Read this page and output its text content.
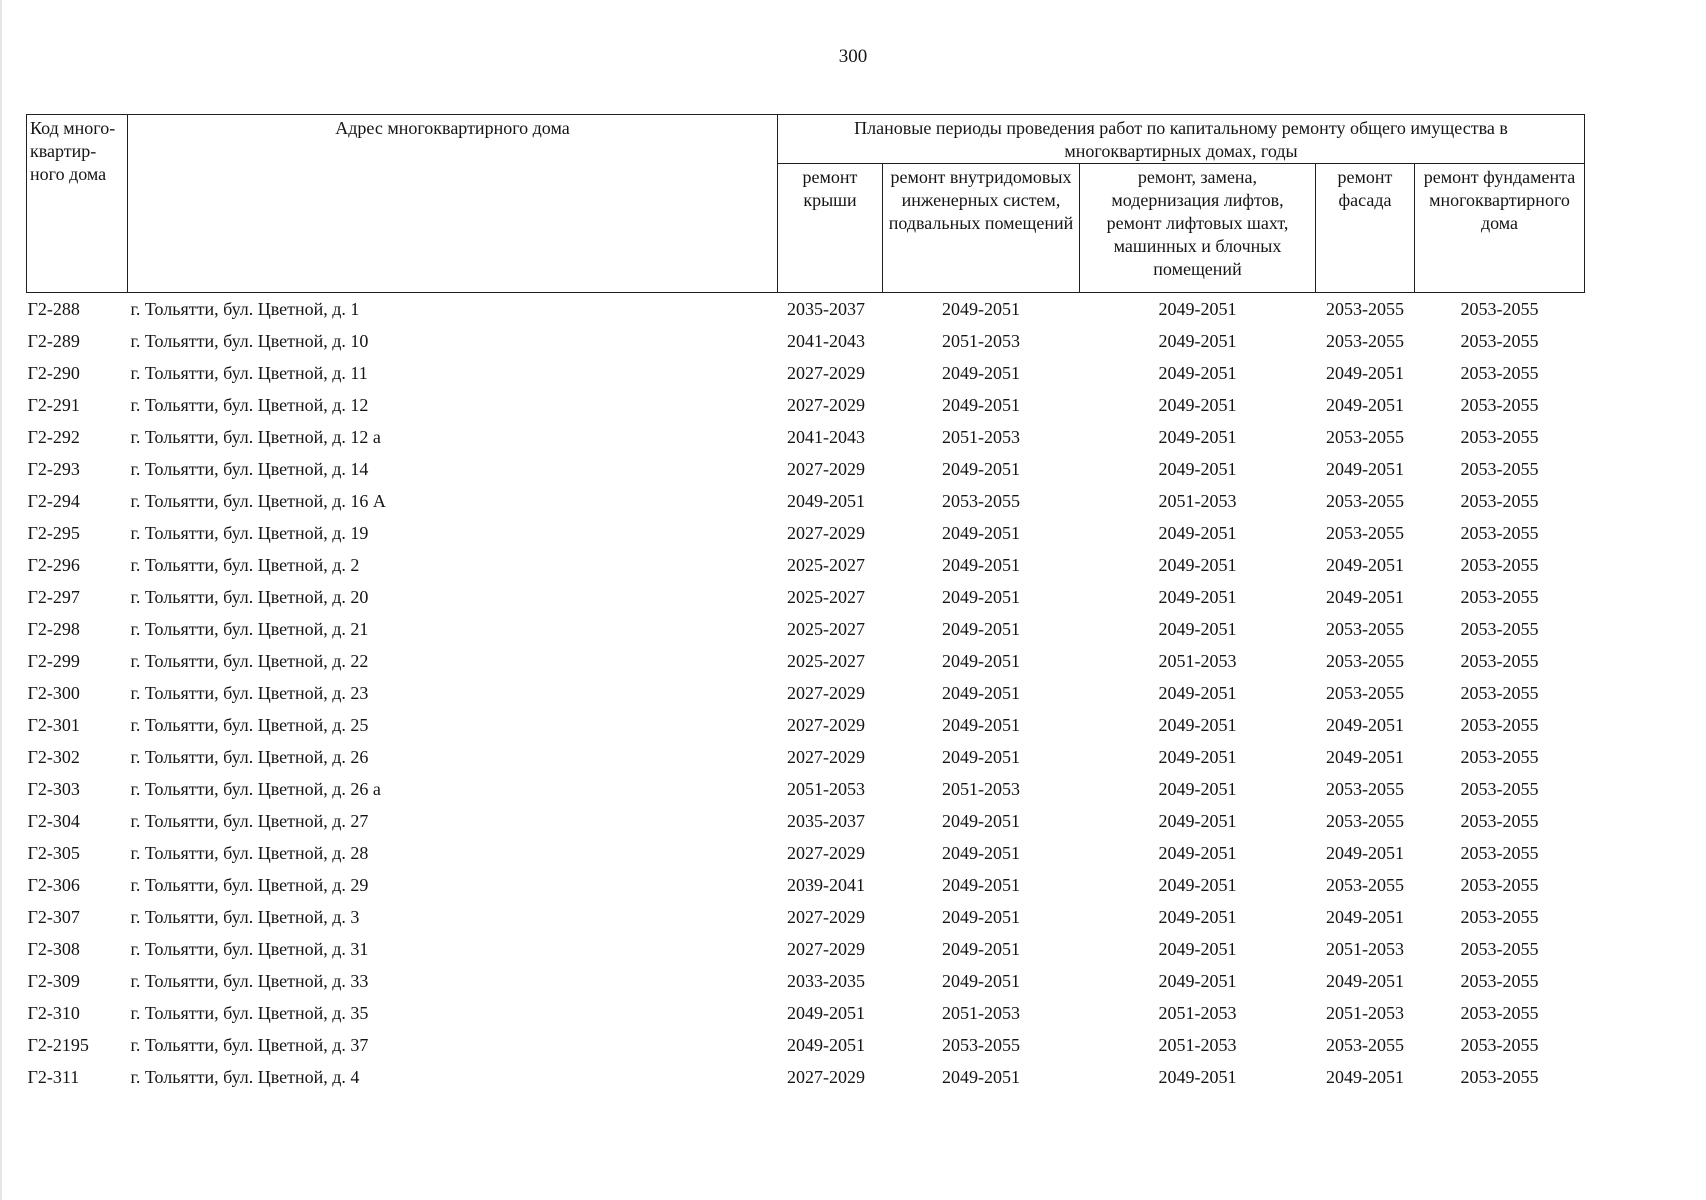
300
Код много-квартир-ного дома	Адрес многоквартирного дома	Плановые периоды проведения работ по капитальному ремонту общего имущества в многоквартирных домах, годы				
		ремонт крыши	ремонт внутридомовых инженерных систем, подвальных помещений	ремонт, замена, модернизация лифтов, ремонт лифтовых шахт, машинных и блочных помещений	ремонт фасада	ремонт фундамента многоквартирного дома
Г2-288	г. Тольятти, бул. Цветной, д. 1	2035-2037	2049-2051	2049-2051	2053-2055	2053-2055
Г2-289	г. Тольятти, бул. Цветной, д. 10	2041-2043	2051-2053	2049-2051	2053-2055	2053-2055
Г2-290	г. Тольятти, бул. Цветной, д. 11	2027-2029	2049-2051	2049-2051	2049-2051	2053-2055
Г2-291	г. Тольятти, бул. Цветной, д. 12	2027-2029	2049-2051	2049-2051	2049-2051	2053-2055
Г2-292	г. Тольятти, бул. Цветной, д. 12 а	2041-2043	2051-2053	2049-2051	2053-2055	2053-2055
Г2-293	г. Тольятти, бул. Цветной, д. 14	2027-2029	2049-2051	2049-2051	2049-2051	2053-2055
Г2-294	г. Тольятти, бул. Цветной, д. 16 А	2049-2051	2053-2055	2051-2053	2053-2055	2053-2055
Г2-295	г. Тольятти, бул. Цветной, д. 19	2027-2029	2049-2051	2049-2051	2053-2055	2053-2055
Г2-296	г. Тольятти, бул. Цветной, д. 2	2025-2027	2049-2051	2049-2051	2049-2051	2053-2055
Г2-297	г. Тольятти, бул. Цветной, д. 20	2025-2027	2049-2051	2049-2051	2049-2051	2053-2055
Г2-298	г. Тольятти, бул. Цветной, д. 21	2025-2027	2049-2051	2049-2051	2053-2055	2053-2055
Г2-299	г. Тольятти, бул. Цветной, д. 22	2025-2027	2049-2051	2051-2053	2053-2055	2053-2055
Г2-300	г. Тольятти, бул. Цветной, д. 23	2027-2029	2049-2051	2049-2051	2053-2055	2053-2055
Г2-301	г. Тольятти, бул. Цветной, д. 25	2027-2029	2049-2051	2049-2051	2049-2051	2053-2055
Г2-302	г. Тольятти, бул. Цветной, д. 26	2027-2029	2049-2051	2049-2051	2049-2051	2053-2055
Г2-303	г. Тольятти, бул. Цветной, д. 26 а	2051-2053	2051-2053	2049-2051	2053-2055	2053-2055
Г2-304	г. Тольятти, бул. Цветной, д. 27	2035-2037	2049-2051	2049-2051	2053-2055	2053-2055
Г2-305	г. Тольятти, бул. Цветной, д. 28	2027-2029	2049-2051	2049-2051	2049-2051	2053-2055
Г2-306	г. Тольятти, бул. Цветной, д. 29	2039-2041	2049-2051	2049-2051	2053-2055	2053-2055
Г2-307	г. Тольятти, бул. Цветной, д. 3	2027-2029	2049-2051	2049-2051	2049-2051	2053-2055
Г2-308	г. Тольятти, бул. Цветной, д. 31	2027-2029	2049-2051	2049-2051	2051-2053	2053-2055
Г2-309	г. Тольятти, бул. Цветной, д. 33	2033-2035	2049-2051	2049-2051	2049-2051	2053-2055
Г2-310	г. Тольятти, бул. Цветной, д. 35	2049-2051	2051-2053	2051-2053	2051-2053	2053-2055
Г2-2195	г. Тольятти, бул. Цветной, д. 37	2049-2051	2053-2055	2051-2053	2053-2055	2053-2055
Г2-311	г. Тольятти, бул. Цветной, д. 4	2027-2029	2049-2051	2049-2051	2049-2051	2053-2055
